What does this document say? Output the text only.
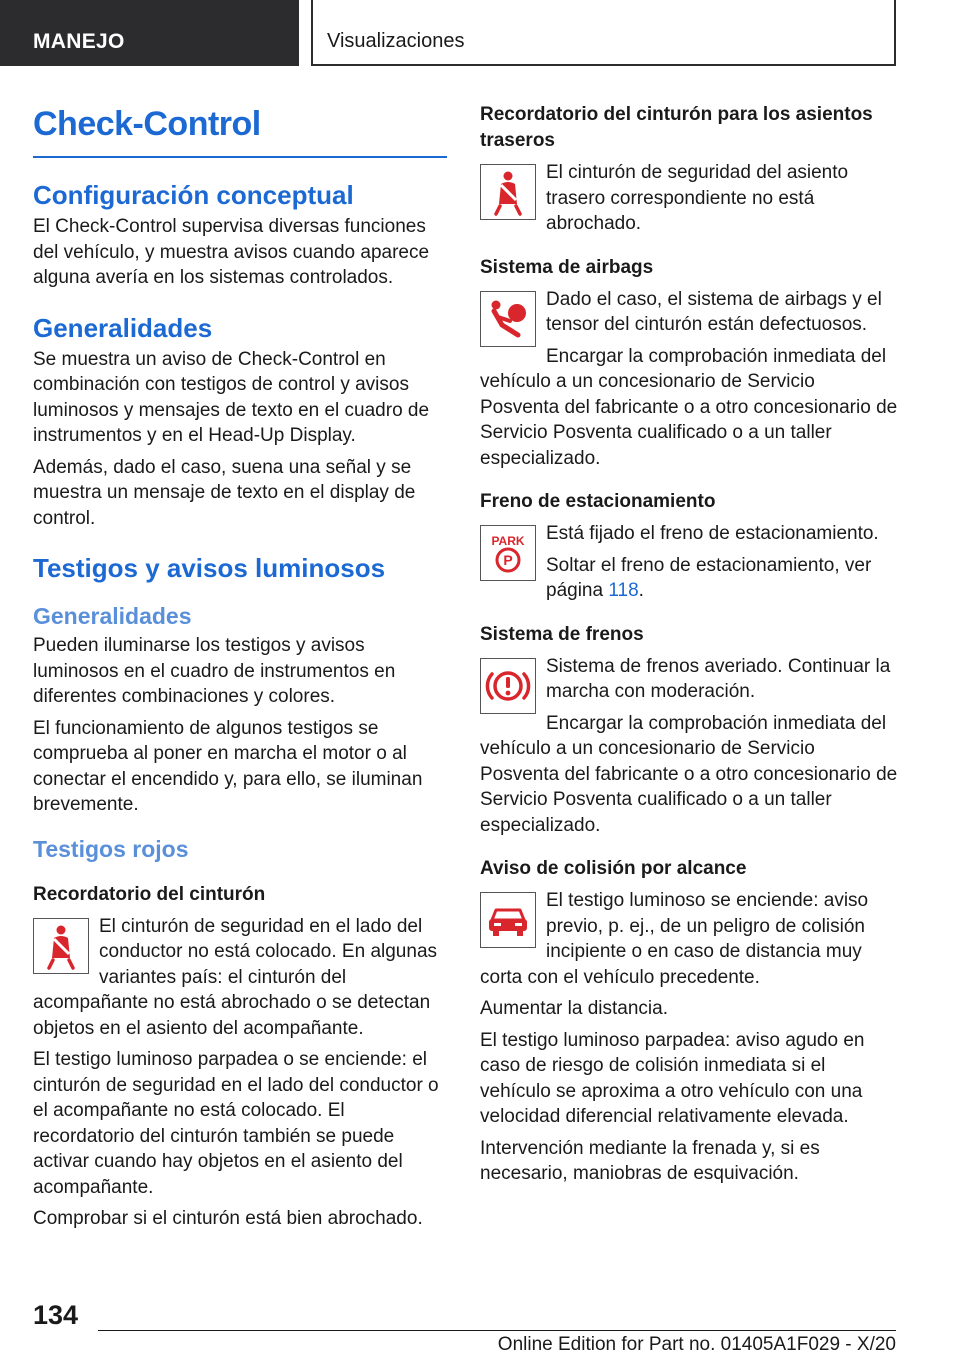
MANEJO	Visualizaciones
Check-Control
Configuración conceptual

El Check-Control supervisa diversas funciones del vehículo, y muestra avisos cuando aparece alguna avería en los sistemas controlados.

Generalidades

Se muestra un aviso de Check-Control en combinación con testigos de control y avisos luminosos y mensajes de texto en el cuadro de instrumentos y en el Head-Up Display.

Además, dado el caso, suena una señal y se muestra un mensaje de texto en el display de control.

Testigos y avisos luminosos
Generalidades

Pueden iluminarse los testigos y avisos luminosos en el cuadro de instrumentos en diferentes combinaciones y colores.

El funcionamiento de algunos testigos se comprueba al poner en marcha el motor o al conectar el encendido y, para ello, se iluminan brevemente.

Testigos rojos
Recordatorio del cinturón

El cinturón de seguridad en el lado del conductor no está colocado. En algunas variantes país: el cinturón del acompañante no está abrochado o se detectan objetos en el asiento del acompañante.

El testigo luminoso parpadea o se enciende: el cinturón de seguridad en el lado del conductor o el acompañante no está colocado. El recordatorio del cinturón también se puede activar cuando hay objetos en el asiento del acompañante.

Comprobar si el cinturón está bien abrochado.

Recordatorio del cinturón para los asientos traseros

El cinturón de seguridad del asiento trasero correspondiente no está abrochado.

Sistema de airbags

Dado el caso, el sistema de airbags y el tensor del cinturón están defectuosos.

Encargar la comprobación inmediata del vehículo a un concesionario de Servicio Posventa del fabricante o a otro concesionario de Servicio Posventa cualificado o a un taller especializado.

Freno de estacionamiento
PARK
P

Está fijado el freno de estacionamiento.

Soltar el freno de estacionamiento, ver página 118.

Sistema de frenos

Sistema de frenos averiado. Continuar la marcha con moderación.

Encargar la comprobación inmediata del vehículo a un concesionario de Servicio Posventa del fabricante o a otro concesionario de Servicio Posventa cualificado o a un taller especializado.

Aviso de colisión por alcance

El testigo luminoso se enciende: aviso previo, p. ej., de un peligro de colisión incipiente o en caso de distancia muy corta con el vehículo precedente.

Aumentar la distancia.

El testigo luminoso parpadea: aviso agudo en caso de riesgo de colisión inmediata si el vehículo se aproxima a otro vehículo con una velocidad diferencial relativamente elevada.

Intervención mediante la frenada y, si es necesario, maniobras de esquivación.

134
Online Edition for Part no. 01405A1F029 - X/20
